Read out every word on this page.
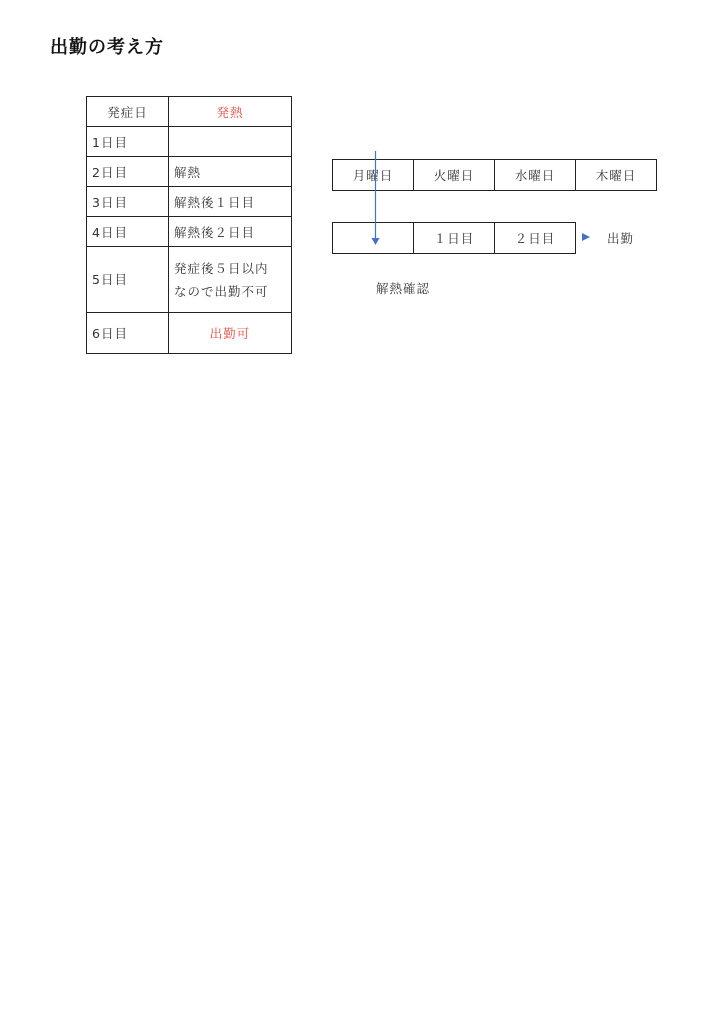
出勤の考え方
発症日	発熱
1日目	
2日目	解熱
3日目	解熱後１日目
4日目	解熱後２日目
5日目	発症後５日以内
なので出勤不可

6日目	出勤可
月曜日	火曜日	水曜日	木曜日
	１日目	２日目	出勤
解熱確認
